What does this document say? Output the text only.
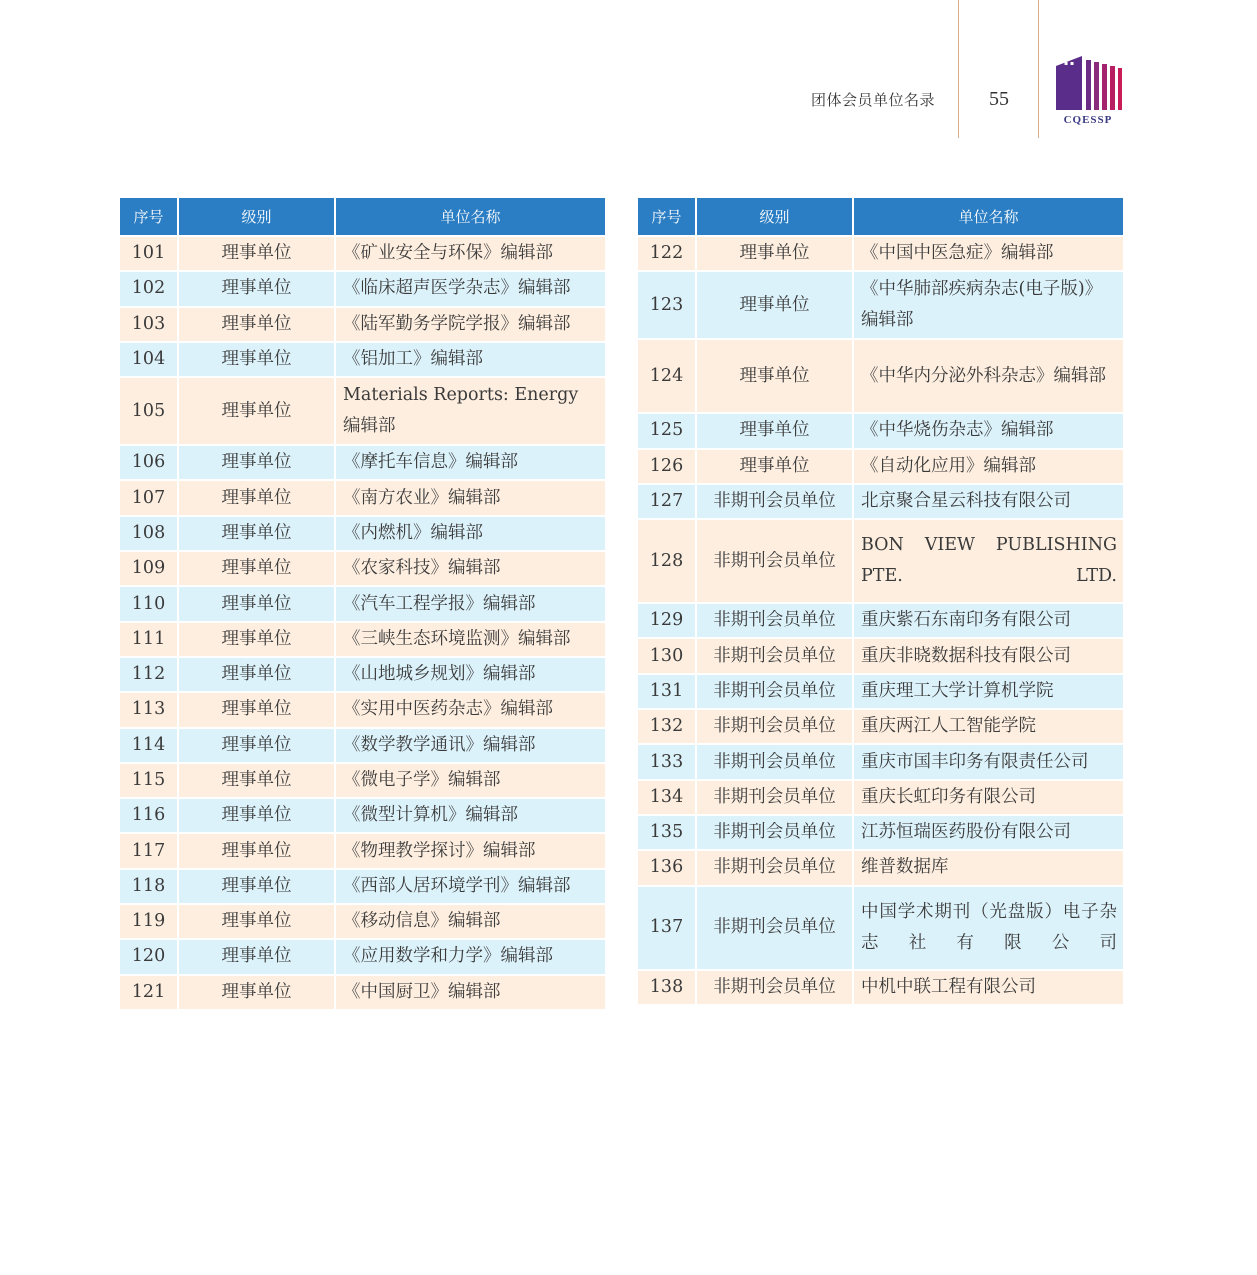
团体会员单位名录	55
▪ ▪
CQESSP
序号	级别	单位名称
101	理事单位	《矿业安全与环保》编辑部
102	理事单位	《临床超声医学杂志》编辑部
103	理事单位	《陆军勤务学院学报》编辑部
104	理事单位	《铝加工》编辑部
105	理事单位	Materials Reports: Energy 编辑部
106	理事单位	《摩托车信息》编辑部
107	理事单位	《南方农业》编辑部
108	理事单位	《内燃机》编辑部
109	理事单位	《农家科技》编辑部
110	理事单位	《汽车工程学报》编辑部
111	理事单位	《三峡生态环境监测》编辑部
112	理事单位	《山地城乡规划》编辑部
113	理事单位	《实用中医药杂志》编辑部
114	理事单位	《数学教学通讯》编辑部
115	理事单位	《微电子学》编辑部
116	理事单位	《微型计算机》编辑部
117	理事单位	《物理教学探讨》编辑部
118	理事单位	《西部人居环境学刊》编辑部
119	理事单位	《移动信息》编辑部
120	理事单位	《应用数学和力学》编辑部
121	理事单位	《中国厨卫》编辑部
序号	级别	单位名称
122	理事单位	《中国中医急症》编辑部
123	理事单位	《中华肺部疾病杂志(电子版)》编辑部
124	理事单位	《中华内分泌外科杂志》编辑部
125	理事单位	《中华烧伤杂志》编辑部
126	理事单位	《自动化应用》编辑部
127	非期刊会员单位	北京聚合星云科技有限公司
128	非期刊会员单位	BON VIEW PUBLISHING PTE. LTD.
129	非期刊会员单位	重庆紫石东南印务有限公司
130	非期刊会员单位	重庆非晓数据科技有限公司
131	非期刊会员单位	重庆理工大学计算机学院
132	非期刊会员单位	重庆两江人工智能学院
133	非期刊会员单位	重庆市国丰印务有限责任公司
134	非期刊会员单位	重庆长虹印务有限公司
135	非期刊会员单位	江苏恒瑞医药股份有限公司
136	非期刊会员单位	维普数据库
137	非期刊会员单位	中国学术期刊（光盘版）电子杂志社有限公司
138	非期刊会员单位	中机中联工程有限公司
